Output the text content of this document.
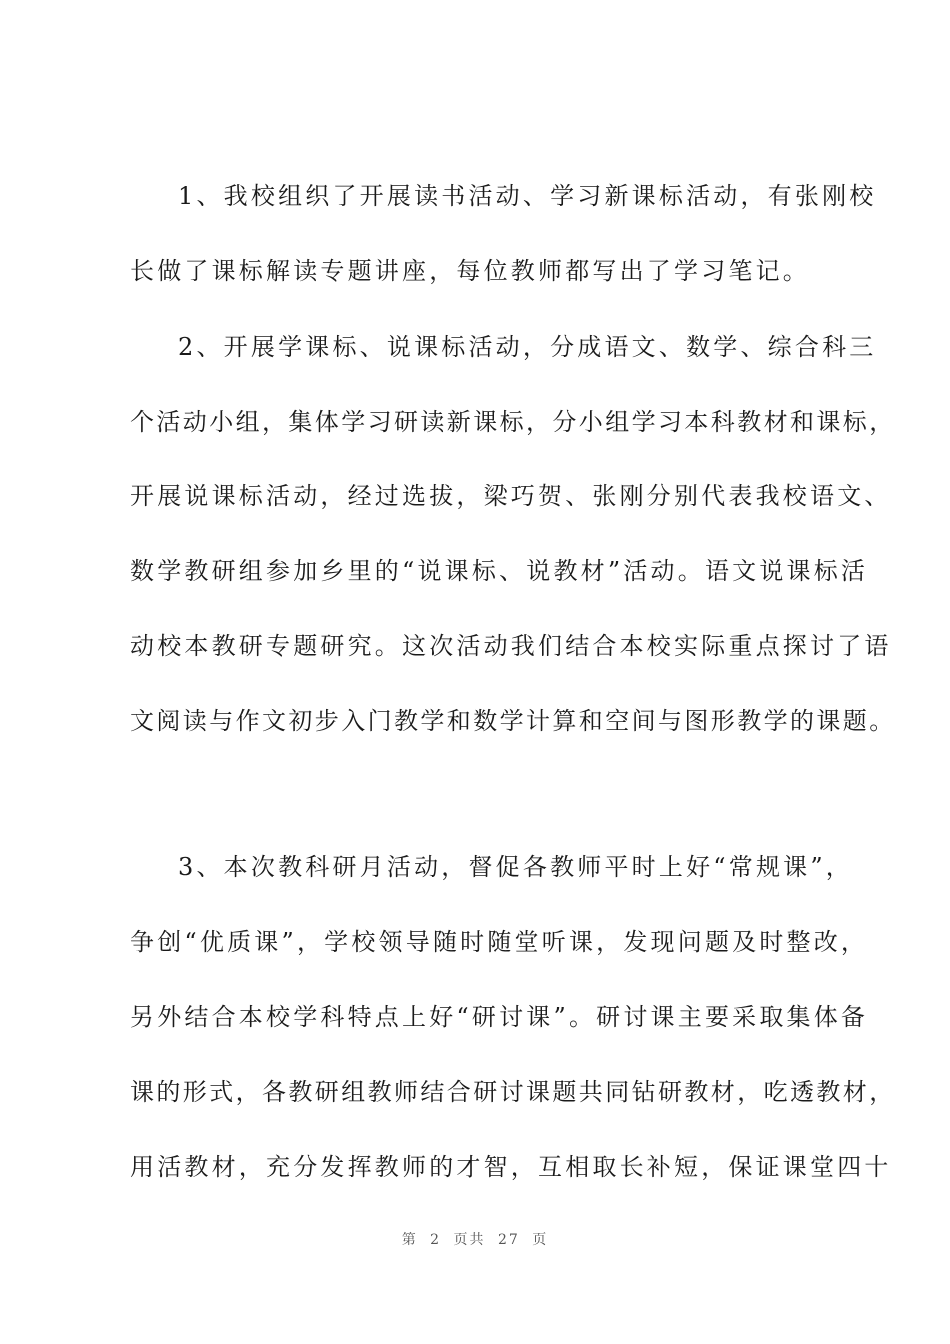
1、我校组织了开展读书活动、学习新课标活动，有张刚校
长做了课标解读专题讲座，每位教师都写出了学习笔记。
2、开展学课标、说课标活动，分成语文、数学、综合科三
个活动小组，集体学习研读新课标，分小组学习本科教材和课标，
开展说课标活动，经过选拔，梁巧贺、张刚分别代表我校语文、
数学教研组参加乡里的“说课标、说教材”活动。语文说课标活
动校本教研专题研究。这次活动我们结合本校实际重点探讨了语
文阅读与作文初步入门教学和数学计算和空间与图形教学的课题。
3、本次教科研月活动，督促各教师平时上好“常规课”，
争创“优质课”，学校领导随时随堂听课，发现问题及时整改，
另外结合本校学科特点上好“研讨课”。研讨课主要采取集体备
课的形式，各教研组教师结合研讨课题共同钻研教材，吃透教材，
用活教材，充分发挥教师的才智，互相取长补短，保证课堂四十
第 2 页共 27 页
